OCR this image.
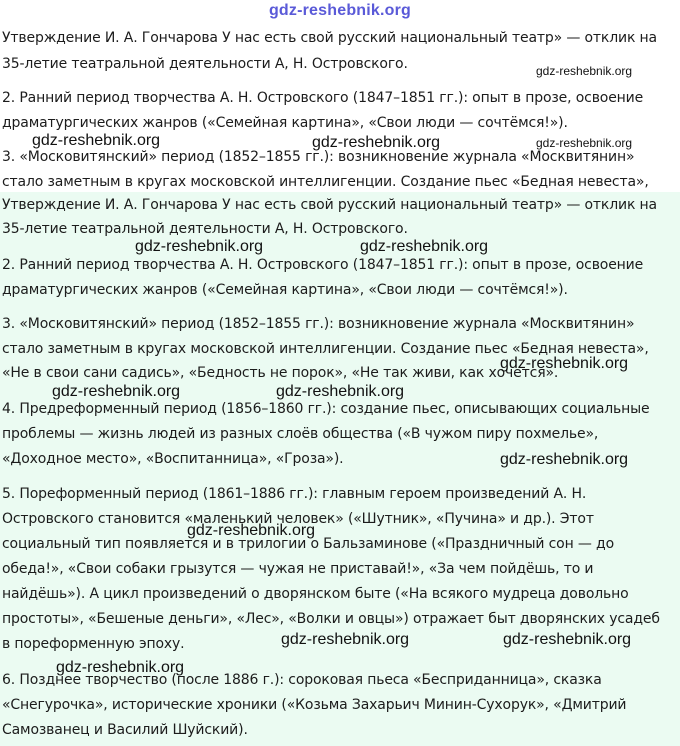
gdz-reshebnik.org
Утверждение И. А. Гончарова У нас есть свой русский национальный театр» — отклик на
35-летие театральной деятельности А, Н. Островского.
2. Ранний период творчества А. Н. Островского (1847–1851 гг.): опыт в прозе, освоение
драматургических жанров («Семейная картина», «Свои люди — сочтёмся!»).
3. «Московитянский» период (1852–1855 гг.): возникновение журнала «Москвитянин»
стало заметным в кругах московской интеллигенции. Создание пьес «Бедная невеста»,
Утверждение И. А. Гончарова У нас есть свой русский национальный театр» — отклик на
35-летие театральной деятельности А, Н. Островского.
2. Ранний период творчества А. Н. Островского (1847–1851 гг.): опыт в прозе, освоение
драматургических жанров («Семейная картина», «Свои люди — сочтёмся!»).
3. «Московитянский» период (1852–1855 гг.): возникновение журнала «Москвитянин»
стало заметным в кругах московской интеллигенции. Создание пьес «Бедная невеста»,
«Не в свои сани садись», «Бедность не порок», «Не так живи, как хочется».
4. Предреформенный период (1856–1860 гг.): создание пьес, описывающих социальные
проблемы — жизнь людей из разных слоёв общества («В чужом пиру похмелье»,
«Доходное место», «Воспитанница», «Гроза»).
5. Пореформенный период (1861–1886 гг.): главным героем произведений А. Н.
Островского становится «маленький человек» («Шутник», «Пучина» и др.). Этот
социальный тип появляется и в трилогии о Бальзаминове («Праздничный сон — до
обеда!», «Свои собаки грызутся — чужая не приставай!», «За чем пойдёшь, то и
найдёшь»). А цикл произведений о дворянском быте («На всякого мудреца довольно
простоты», «Бешеные деньги», «Лес», «Волки и овцы») отражает быт дворянских усадеб
в пореформенную эпоху.
6. Позднее творчество (после 1886 г.): сороковая пьеса «Бесприданница», сказка
«Снегурочка», исторические хроники («Козьма Захарьич Минин-Сухорук», «Дмитрий
Самозванец и Василий Шуйский).
gdz-reshebnik.org
gdz-reshebnik.org	gdz-reshebnik.org	gdz-reshebnik.org
gdz-reshebnik.org	gdz-reshebnik.org
gdz-reshebnik.org
gdz-reshebnik.org	gdz-reshebnik.org
gdz-reshebnik.org
gdz-reshebnik.org
gdz-reshebnik.org	gdz-reshebnik.org
gdz-reshebnik.org
